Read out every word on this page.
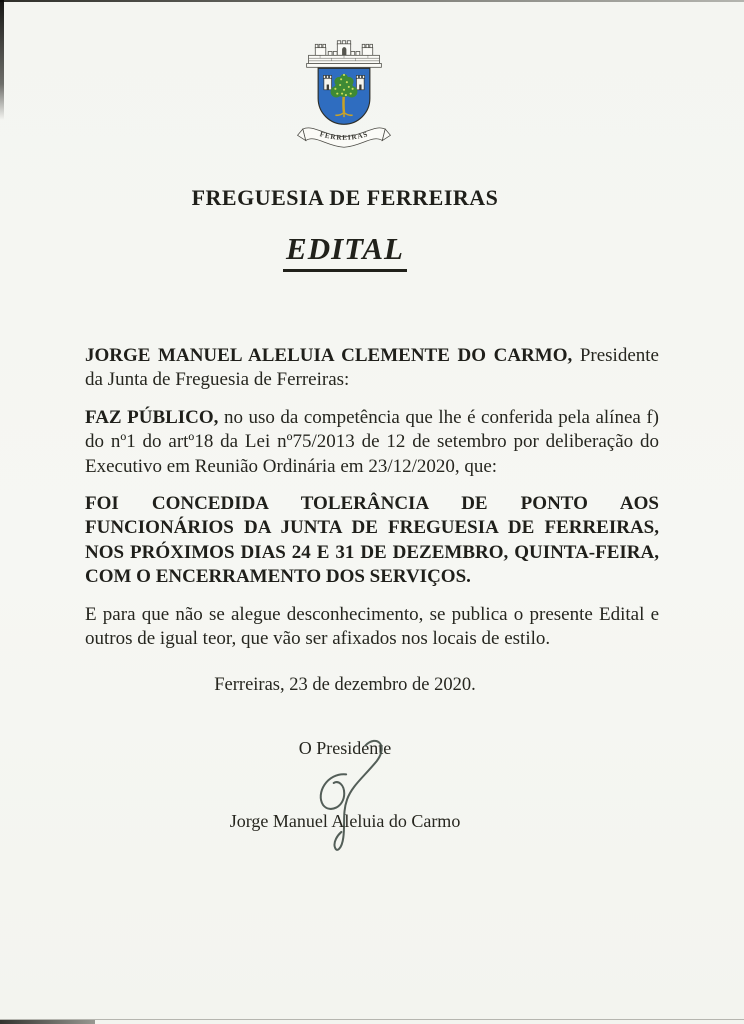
FERREIRAS
FREGUESIA DE FERREIRAS
EDITAL

JORGE MANUEL ALELUIA CLEMENTE DO CARMO, Presidente da Junta de Freguesia de Ferreiras:

FAZ PÚBLICO, no uso da competência que lhe é conferida pela alínea f) do nº1 do artº18 da Lei nº75/2013 de 12 de setembro por deliberação do Executivo em Reunião Ordinária em 23/12/2020, que:

FOI CONCEDIDA TOLERÂNCIA DE PONTO AOS FUNCIONÁRIOS DA JUNTA DE FREGUESIA DE FERREIRAS, NOS PRÓXIMOS DIAS 24 E 31 DE DEZEMBRO, QUINTA-FEIRA, COM O ENCERRAMENTO DOS SERVIÇOS.

E para que não se alegue desconhecimento, se publica o presente Edital e outros de igual teor, que vão ser afixados nos locais de estilo.

Ferreiras, 23 de dezembro de 2020.
O Presidente
Jorge Manuel Aleluia do Carmo
